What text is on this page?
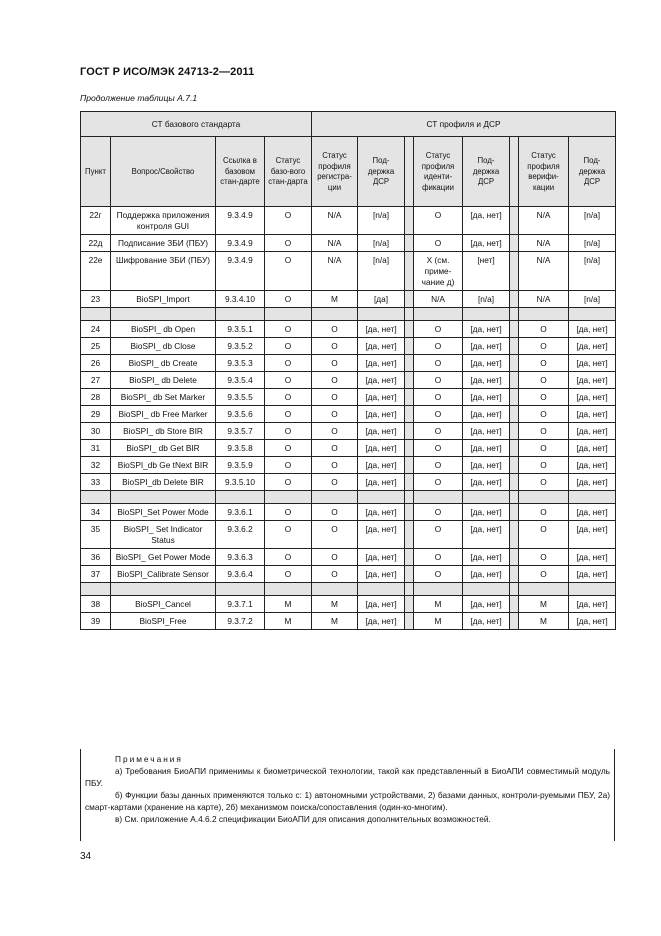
ГОСТ Р ИСО/МЭК 24713-2—2011
Продолжение таблицы А.7.1
СТ базового стандарта				СТ профиля и ДСР							
Пункт	Вопрос/Свойство	Ссылка в базовом стан-дарте	Статус базо-вого стан-дарта	Статус профиля регистра-ции	Под-держка ДСР		Статус профиля иденти-фикации	Под-держка ДСР		Статус профиля верифи-кации	Под-держка ДСР
22г	Поддержка приложения контроля GUI	9.3.4.9	O	N/A	[n/a]		O	[да, нет]		N/A	[n/a]
22д	Подписание ЗБИ (ПБУ)	9.3.4.9	O	N/A	[n/a]		O	[да, нет]		N/A	[n/a]
22е	Шифрование ЗБИ (ПБУ)	9.3.4.9	O	N/A	[n/a]		X (см. приме-чание д)	[нет]		N/A	[n/a]
23	BioSPI_Import	9.3.4.10	O	M	[да]		N/A	[n/a]		N/A	[n/a]

24	BioSPI_ db Open	9.3.5.1	O	O	[да, нет]		O	[да, нет]		O	[да, нет]
25	BioSPI_ db Close	9.3.5.2	O	O	[да, нет]		O	[да, нет]		O	[да, нет]
26	BioSPI_ db Create	9.3.5.3	O	O	[да, нет]		O	[да, нет]		O	[да, нет]
27	BioSPI_ db Delete	9.3.5.4	O	O	[да, нет]		O	[да, нет]		O	[да, нет]
28	BioSPI_ db Set Marker	9.3.5.5	O	O	[да, нет]		O	[да, нет]		O	[да, нет]
29	BioSPI_ db Free Marker	9.3.5.6	O	O	[да, нет]		O	[да, нет]		O	[да, нет]
30	BioSPI_ db Store BIR	9.3.5.7	O	O	[да, нет]		O	[да, нет]		O	[да, нет]
31	BioSPI_ db Get BIR	9.3.5.8	O	O	[да, нет]		O	[да, нет]		O	[да, нет]
32	BioSPI_db Ge tNext BIR	9.3.5.9	O	O	[да, нет]		O	[да, нет]		O	[да, нет]
33	BioSPI_db Delete BIR	9.3.5.10	O	O	[да, нет]		O	[да, нет]		O	[да, нет]

34	BioSPI_Set Power Mode	9.3.6.1	O	O	[да, нет]		O	[да, нет]		O	[да, нет]
35	BioSPI_ Set Indicator Status	9.3.6.2	O	O	[да, нет]		O	[да, нет]		O	[да, нет]
36	BioSPI_ Get Power Mode	9.3.6.3	O	O	[да, нет]		O	[да, нет]		O	[да, нет]
37	BioSPI_Calibrate Sensor	9.3.6.4	O	O	[да, нет]		O	[да, нет]		O	[да, нет]

38	BioSPI_Cancel	9.3.7.1	M	M	[да, нет]		M	[да, нет]		M	[да, нет]
39	BioSPI_Free	9.3.7.2	M	M	[да, нет]		M	[да, нет]		M	[да, нет]

Примечания

а) Требования БиоАПИ применимы к биометрической технологии, такой как представленный в БиоАПИ совместимый модуль ПБУ.

б) Функции базы данных применяются только с: 1) автономными устройствами, 2) базами данных, контроли-руемыми ПБУ, 2а) смарт-картами (хранение на карте), 2б) механизмом поиска/сопоставления (один-ко-многим).

в) См. приложение А.4.6.2 спецификации БиоАПИ для описания дополнительных возможностей.

34
